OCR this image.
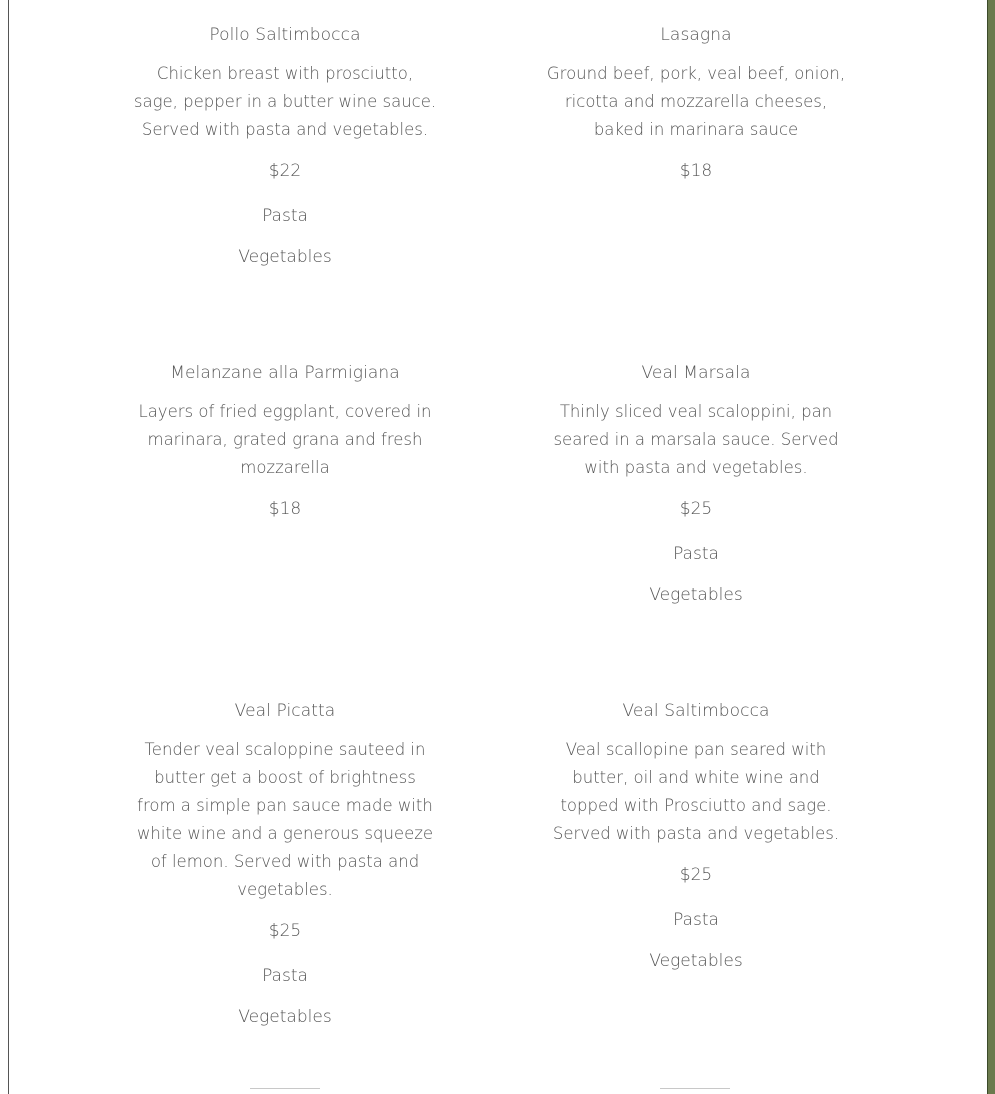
Pollo Saltimbocca
Chicken breast with prosciutto, sage, pepper in a butter wine sauce. Served with pasta and vegetables.
$22
Pasta
Vegetables
Lasagna
Ground beef, pork, veal beef, onion, ricotta and mozzarella cheeses, baked in marinara sauce
$18
Melanzane alla Parmigiana
Layers of fried eggplant, covered in marinara, grated grana and fresh mozzarella
$18
Veal Marsala
Thinly sliced veal scaloppini, pan seared in a marsala sauce. Served with pasta and vegetables.
$25
Pasta
Vegetables
Veal Picatta
Tender veal scaloppine sauteed in butter get a boost of brightness from a simple pan sauce made with white wine and a generous squeeze of lemon. Served with pasta and vegetables.
$25
Pasta
Vegetables
Veal Saltimbocca
Veal scallopine pan seared with butter, oil and white wine and topped with Prosciutto and sage. Served with pasta and vegetables.
$25
Pasta
Vegetables
